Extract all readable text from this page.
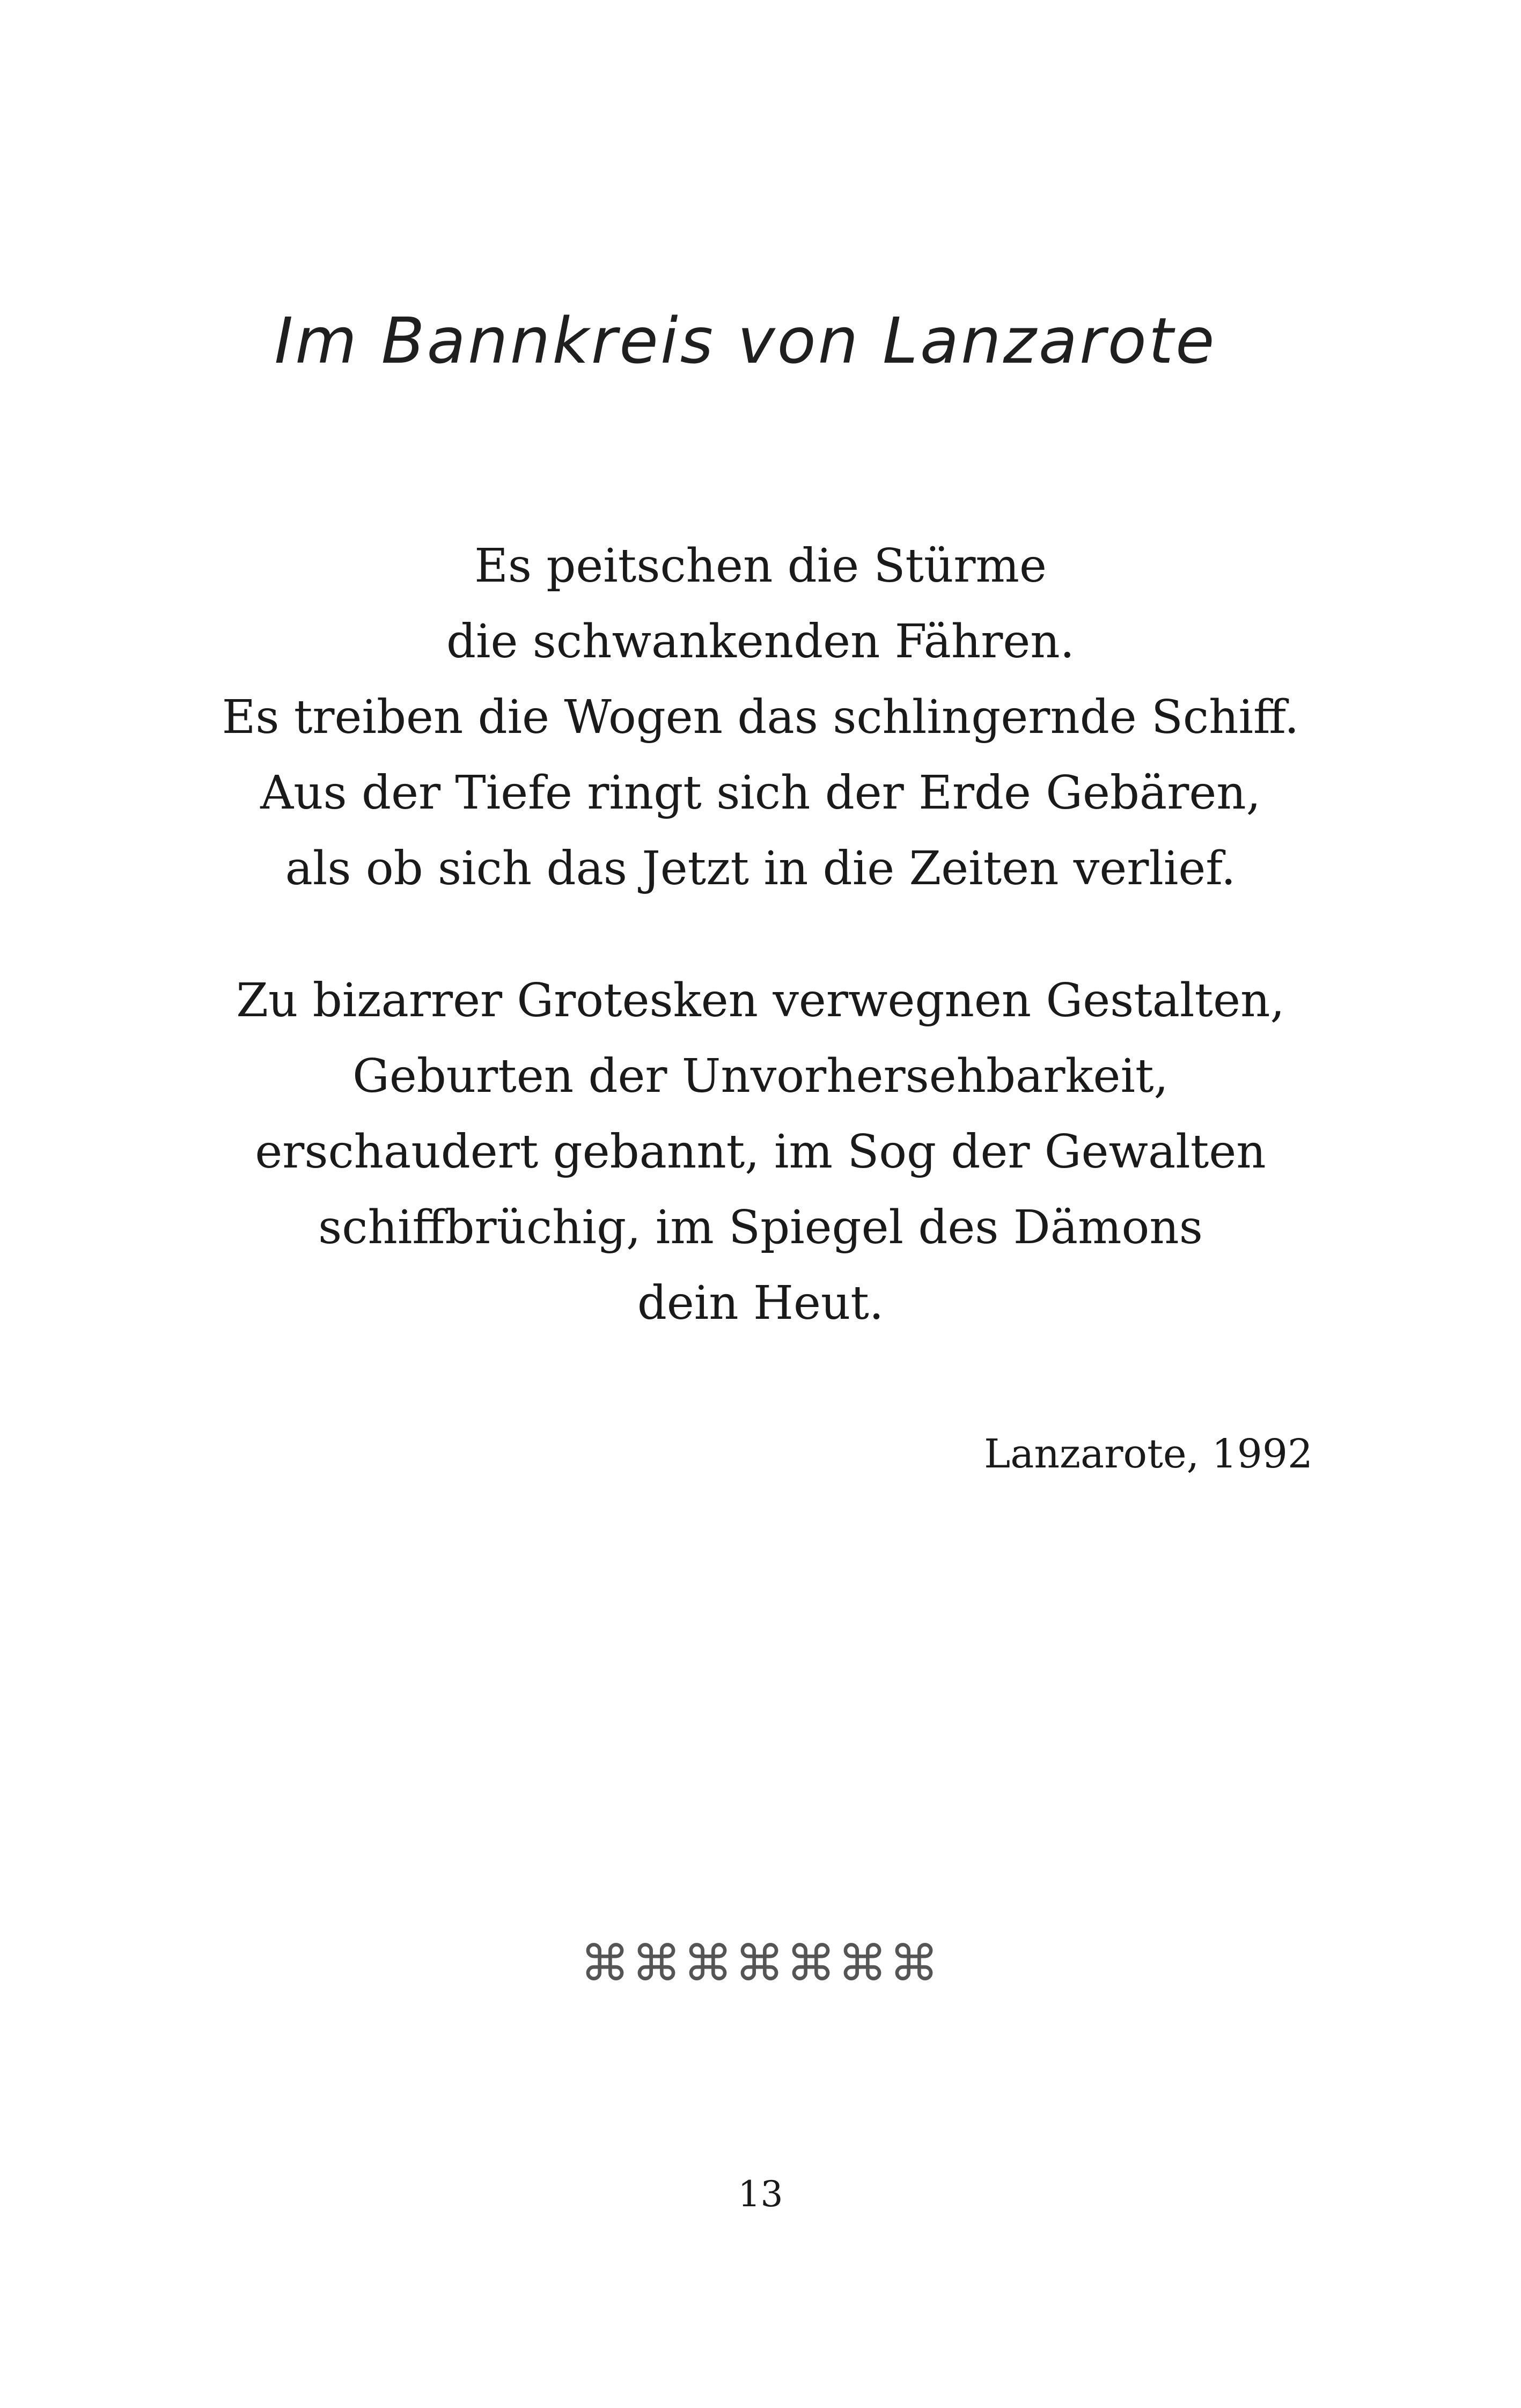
Im Bannkreis von Lanzarote
Es peitschen die Stürme
die schwankenden Fähren.
Es treiben die Wogen das schlingernde Schiff.
Aus der Tiefe ringt sich der Erde Gebären,
als ob sich das Jetzt in die Zeiten verlief.
Zu bizarrer Grotesken verwegnen Gestalten,
Geburten der Unvorhersehbarkeit,
erschaudert gebannt, im Sog der Gewalten
schiffbrüchig, im Spiegel des Dämons
dein Heut.
Lanzarote, 1992
⌘⌘⌘⌘⌘⌘⌘
13
